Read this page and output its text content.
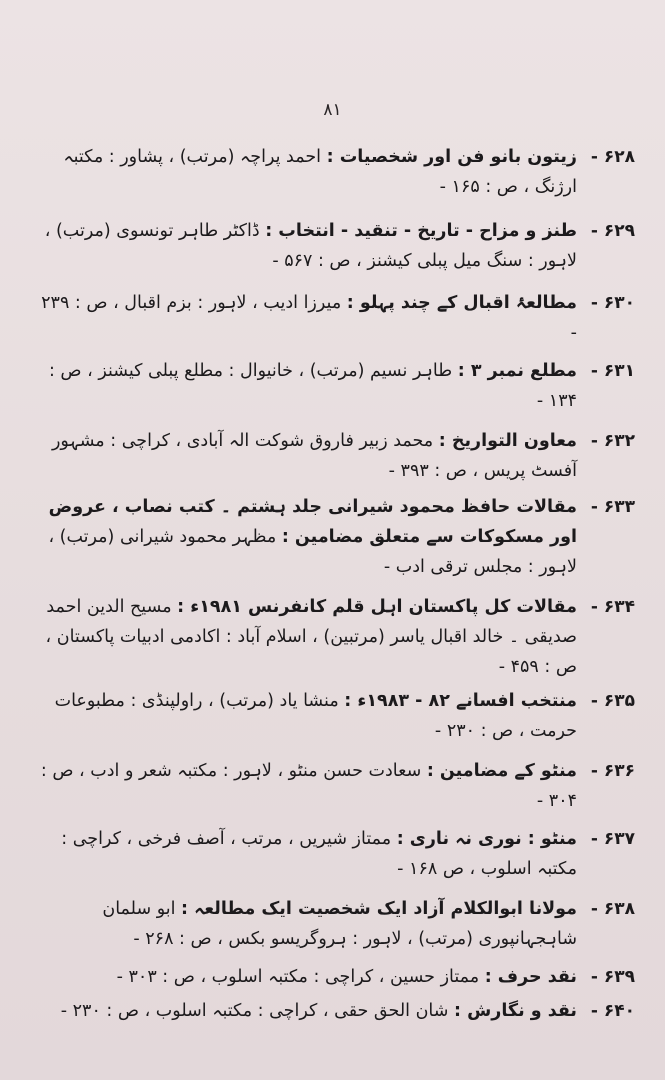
۸۱
۶۲۸ -
زیتون بانو فن اور شخصیات : احمد پراچہ (مرتب) ، پشاور : مکتبہ ارژنگ ، ص : ۱۶۵ -
۶۲۹ -
طنز و مزاح - تاریخ - تنقید - انتخاب : ڈاکٹر طاہر تونسوی (مرتب) ، لاہور : سنگ میل پبلی کیشنز ، ص : ۵۶۷ -
۶۳۰ -
مطالعۂ اقبال کے چند پہلو : میرزا ادیب ، لاہور : بزم اقبال ، ص : ۲۳۹ -
۶۳۱ -
مطلع نمبر ۳ : طاہر نسیم (مرتب) ، خانیوال : مطلع پبلی کیشنز ، ص : ۱۳۴ -
۶۳۲ -
معاون التواریخ : محمد زبیر فاروق شوکت الہ آبادی ، کراچی : مشہور آفسٹ پریس ، ص : ۳۹۳ -
۶۳۳ -
مقالات حافظ محمود شیرانی جلد ہشتم ۔ کتب نصاب ، عروض اور مسکوکات سے متعلق مضامین : مظہر محمود شیرانی (مرتب) ، لاہور : مجلس ترقی ادب -
۶۳۴ -
مقالات کل پاکستان اہل قلم کانفرنس ۱۹۸۱ء : مسیح الدین احمد صدیقی ۔ خالد اقبال یاسر (مرتبین) ، اسلام آباد : اکادمی ادبیات پاکستان ، ص : ۴۵۹ -
۶۳۵ -
منتخب افسانے ۸۲ - ۱۹۸۳ء : منشا یاد (مرتب) ، راولپنڈی : مطبوعات حرمت ، ص : ۲۳۰ -
۶۳۶ -
منٹو کے مضامین : سعادت حسن منٹو ، لاہور : مکتبہ شعر و ادب ، ص : ۳۰۴ -
۶۳۷ -
منٹو : نوری نہ ناری : ممتاز شیریں ، مرتب ، آصف فرخی ، کراچی : مکتبہ اسلوب ، ص ۱۶۸ -
۶۳۸ -
مولانا ابوالکلام آزاد ایک شخصیت ایک مطالعہ : ابو سلمان شاہجہانپوری (مرتب) ، لاہور : ہروگریسو بکس ، ص : ۲۶۸ -
۶۳۹ -
نقد حرف : ممتاز حسین ، کراچی : مکتبہ اسلوب ، ص : ۳۰۳ -
۶۴۰ -
نقد و نگارش : شان الحق حقی ، کراچی : مکتبہ اسلوب ، ص : ۲۳۰ -
